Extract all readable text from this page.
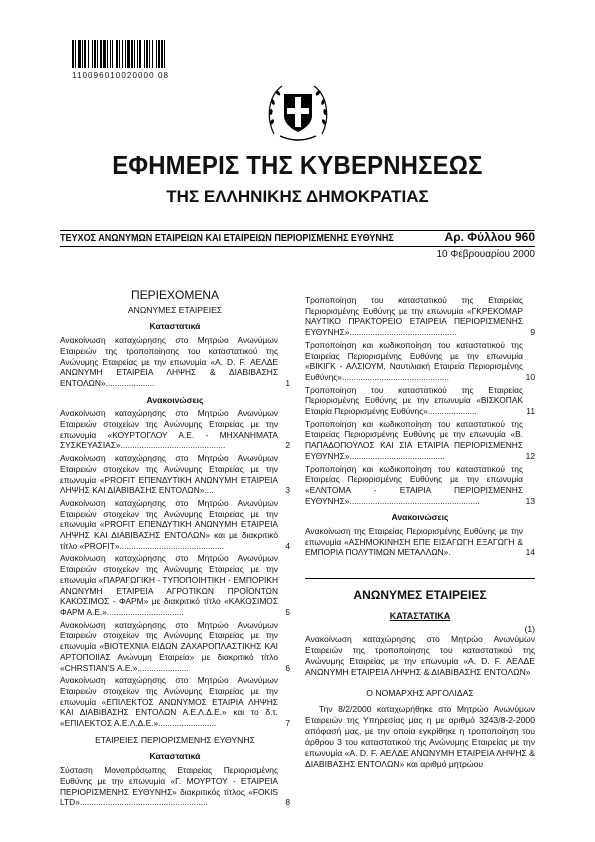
110096010020000 08
ΕΦΗΜΕΡΙΣ ΤΗΣ ΚΥΒΕΡΝΗΣΕΩΣ
ΤΗΣ ΕΛΛΗΝΙΚΗΣ ΔΗΜΟΚΡΑΤΙΑΣ
ΤΕΥΧΟΣ ΑΝΩΝΥΜΩΝ ΕΤΑΙΡΕΙΩΝ ΚΑΙ ΕΤΑΙΡΕΙΩΝ ΠΕΡΙΟΡΙΣΜΕΝΗΣ ΕΥΘΥΝΗΣ	Αρ. Φύλλου 960
10 Φεβρουαρίου 2000
ΠΕΡΙΕΧΟΜΕΝΑ
ΑΝΩΝΥΜΕΣ ΕΤΑΙΡΕΙΕΣ
Καταστατικά
Ανακοίνωση καταχώρησης στο Μητρώο Ανωνύμων Εταιρειών της τροποποίησης του καταστατικού της Ανώνυμης Εταιρείας με την επωνυμία «Α. D. F. ΑΕΛΔΕ ΑΝΩΝΥΜΗ ΕΤΑΙΡΕΙΑ ΛΗΨΗΣ & ΔΙΑΒΙΒΑΣΗΣ ΕΝΤΟΛΩΝ».....................	1
Ανακοινώσεις
Ανακοίνωση καταχώρησης στο Μητρώο Ανωνύμων Εταιρειών στοιχείων της Ανώνυμης Εταιρείας με την επωνυμία «ΚΟΥΡΤΟΓΛΟΥ Α.Ε. - ΜΗΧΑΝΗΜΑΤΑ ΣΥΣΚΕΥΑΣΙΑΣ».............................................	2
Ανακοίνωση καταχώρησης στο Μητρώο Ανωνύμων Εταιρειών στοιχείων της Ανώνυμης Εταιρείας με την επωνυμία «PROFIT ΕΠΕΝΔΥΤΙΚΗ ΑΝΩΝΥΜΗ ΕΤΑΙΡΕΙΑ ΛΗΨΗΣ ΚΑΙ ΔΙΑΒΙΒΑΣΗΣ ΕΝΤΟΛΩΝ»....	3
Ανακοίνωση καταχώρησης στο Μητρώο Ανωνύμων Εταιρειών στοιχείων της Ανώνυμης Εταιρείας με την επωνυμία «PROFIT ΕΠΕΝΔΥΤΙΚΗ ΑΝΩΝΥΜΗ ΕΤΑΙΡΕΙΑ ΛΗΨΗΣ ΚΑΙ ΔΙΑΒΙΒΑΣΗΣ ΕΝΤΟΛΩΝ» και με διακριτικό τίτλο «PROFIT».............................................	4
Ανακοίνωση καταχώρησης στο Μητρώο Ανωνύμων Εταιρειών στοιχείων της Ανώνυμης Εταιρείας με την επωνυμία «ΠΑΡΑΓΩΓΙΚΗ - ΤΥΠΟΠΟΙΗΤΙΚΗ - ΕΜΠΟΡΙΚΗ ΑΝΩΝΥΜΗ ΕΤΑΙΡΕΙΑ ΑΓΡΟΤΙΚΩΝ ΠΡΟΪΟΝΤΩΝ ΚΑΚΟΣΙΜΟΣ - ΦΑΡΜ» με διακριτικό τίτλο «ΚΑΚΟΣΙΜΟΣ ΦΑΡΜ Α.Ε.».................................	5
Ανακοίνωση καταχώρησης στο Μητρώο Ανωνύμων Εταιρειών στοιχείων της Ανώνυμης Εταιρείας με την επωνυμία «ΒΙΟΤΕΧΝΙΑ ΕΙΔΩΝ ΖΑΧΑΡΟΠΛΑΣΤΙΚΗΣ ΚΑΙ ΑΡΤΟΠΟΙΙΑΣ Ανώνυμη Εταιρεία» με διακριτικό τίτλο «CHRSTIAN'S Α.Ε.»......................	6
Ανακοίνωση καταχώρησης στο Μητρώο Ανωνύμων Εταιρειών στοιχείων της Ανώνυμης Εταιρείας με την επωνυμία «ΕΠΙΛΕΚΤΟΣ ΑΝΩΝΥΜΟΣ ΕΤΑΙΡΙΑ ΛΗΨΗΣ ΚΑΙ ΔΙΑΒΙΒΑΣΗΣ ΕΝΤΟΛΩΝ Α.Ε.Λ.Δ.Ε.» και το δ.τ. «ΕΠΙΛΕΚΤΟΣ Α.Ε.Λ.Δ.Ε.».........................	7
ΕΤΑΙΡΕΙΕΣ ΠΕΡΙΟΡΙΣΜΕΝΗΣ ΕΥΘΥΝΗΣ
Καταστατικά
Σύσταση Μονοπρόσωπης Εταιρείας Περιορισμένης Ευθύνης με την επωνυμία «Γ. ΜΟΥΡΤΟΥ - ΕΤΑΙΡΕΙΑ ΠΕΡΙΟΡΙΣΜΕΝΗΣ ΕΥΘΥΝΗΣ» διακριτικός τίτλος «FOKIS LTD».......................................................	8
Τροποποίηση του καταστατικού της Εταιρείας Περιορισμένης Ευθύνης με την επωνυμία «ΓΚΡΕΚΟΜΑΡ ΝΑΥΤΙΚΟ ΠΡΑΚΤΟΡΕΙΟ ΕΤΑΙΡΕΙΑ ΠΕΡΙΟΡΙΣΜΕΝΗΣ ΕΥΘΥΝΗΣ»..............................................	9
Τροποποίηση και κωδικοποίηση του καταστατικού της Εταιρείας Περιορισμένης Ευθύνης με την επωνυμία «ΒΙΚΙΓΚ - ΑΛΣΙΟΥΜ, Ναυτιλιακή Εταιρεία Περιορισμένης Ευθύνης»..............................................	10
Τροποποίηση του καταστατικού της Εταιρείας Περιορισμένης Ευθύνης με την επωνυμία «ΒΙΣΚΟΠΑΚ Εταιρία Περιορισμένης Ευθύνης».....................	11
Τροποποίηση και κωδικοποίηση του καταστατικού της Εταιρείας Περιορισμένης Ευθύνης με την επωνυμία «Β. ΠΑΠΑΔΟΠΟΥΛΟΣ ΚΑΙ ΣΙΑ ΕΤΑΙΡΙΑ ΠΕΡΙΟΡΙΣΜΕΝΗΣ ΕΥΘΥΝΗΣ».........................................	12
Τροποποίηση και κωδικοποίηση του καταστατικού της Εταιρείας Περιορισμένης Ευθύνης με την επωνυμία «ΕΛΝΤΟΜΑ - ΕΤΑΙΡΙΑ ΠΕΡΙΟΡΙΣΜΕΝΗΣ ΕΥΘΥΝΗΣ»........................................................	13
Ανακοινώσεις
Ανακοίνωση της Εταιρείας Περιορισμένης Ευθύνης με την επωνυμία «ΑΣΗΜΟΚΙΝΗΣΗ ΕΠΕ ΕΙΣΑΓΩΓΗ ΕΞΑΓΩΓΗ & ΕΜΠΟΡΙΑ ΠΟΛΥΤΙΜΩΝ ΜΕΤΑΛΛΩΝ».	14
ΑΝΩΝΥΜΕΣ ΕΤΑΙΡΕΙΕΣ
ΚΑΤΑΣΤΑΤΙΚΑ
(1)
Ανακοίνωση καταχώρησης στο Μητρώο Ανωνύμων Εταιρειών της τροποποίησης του καταστατικού της Ανώνυμης Εταιρείας με την επωνυμία «Α. D. F. ΑΕΛΔΕ ΑΝΩΝΥΜΗ ΕΤΑΙΡΕΙΑ ΛΗΨΗΣ & ΔΙΑΒΙΒΑΣΗΣ ΕΝΤΟΛΩΝ»
Ο ΝΟΜΑΡΧΗΣ ΑΡΓΟΛΙΔΑΣ
Την 8/2/2000 καταχωρήθηκε στο Μητρώο Ανωνύμων Εταιρειών της Υπηρεσίας μας η με αριθμό 3243/8-2-2000 απόφασή μας, με την οποία εγκρίθηκε η τροποποίηση του άρθρου 3 του καταστατικού της Ανώνυμης Εταιρείας με την επωνυμία «Α. D. F. ΑΕΛΔΕ ΑΝΩΝΥΜΗ ΕΤΑΙΡΕΙΑ ΛΗΨΗΣ & ΔΙΑΒΙΒΑΣΗΣ ΕΝΤΟΛΩΝ» και αριθμό μητρώου
